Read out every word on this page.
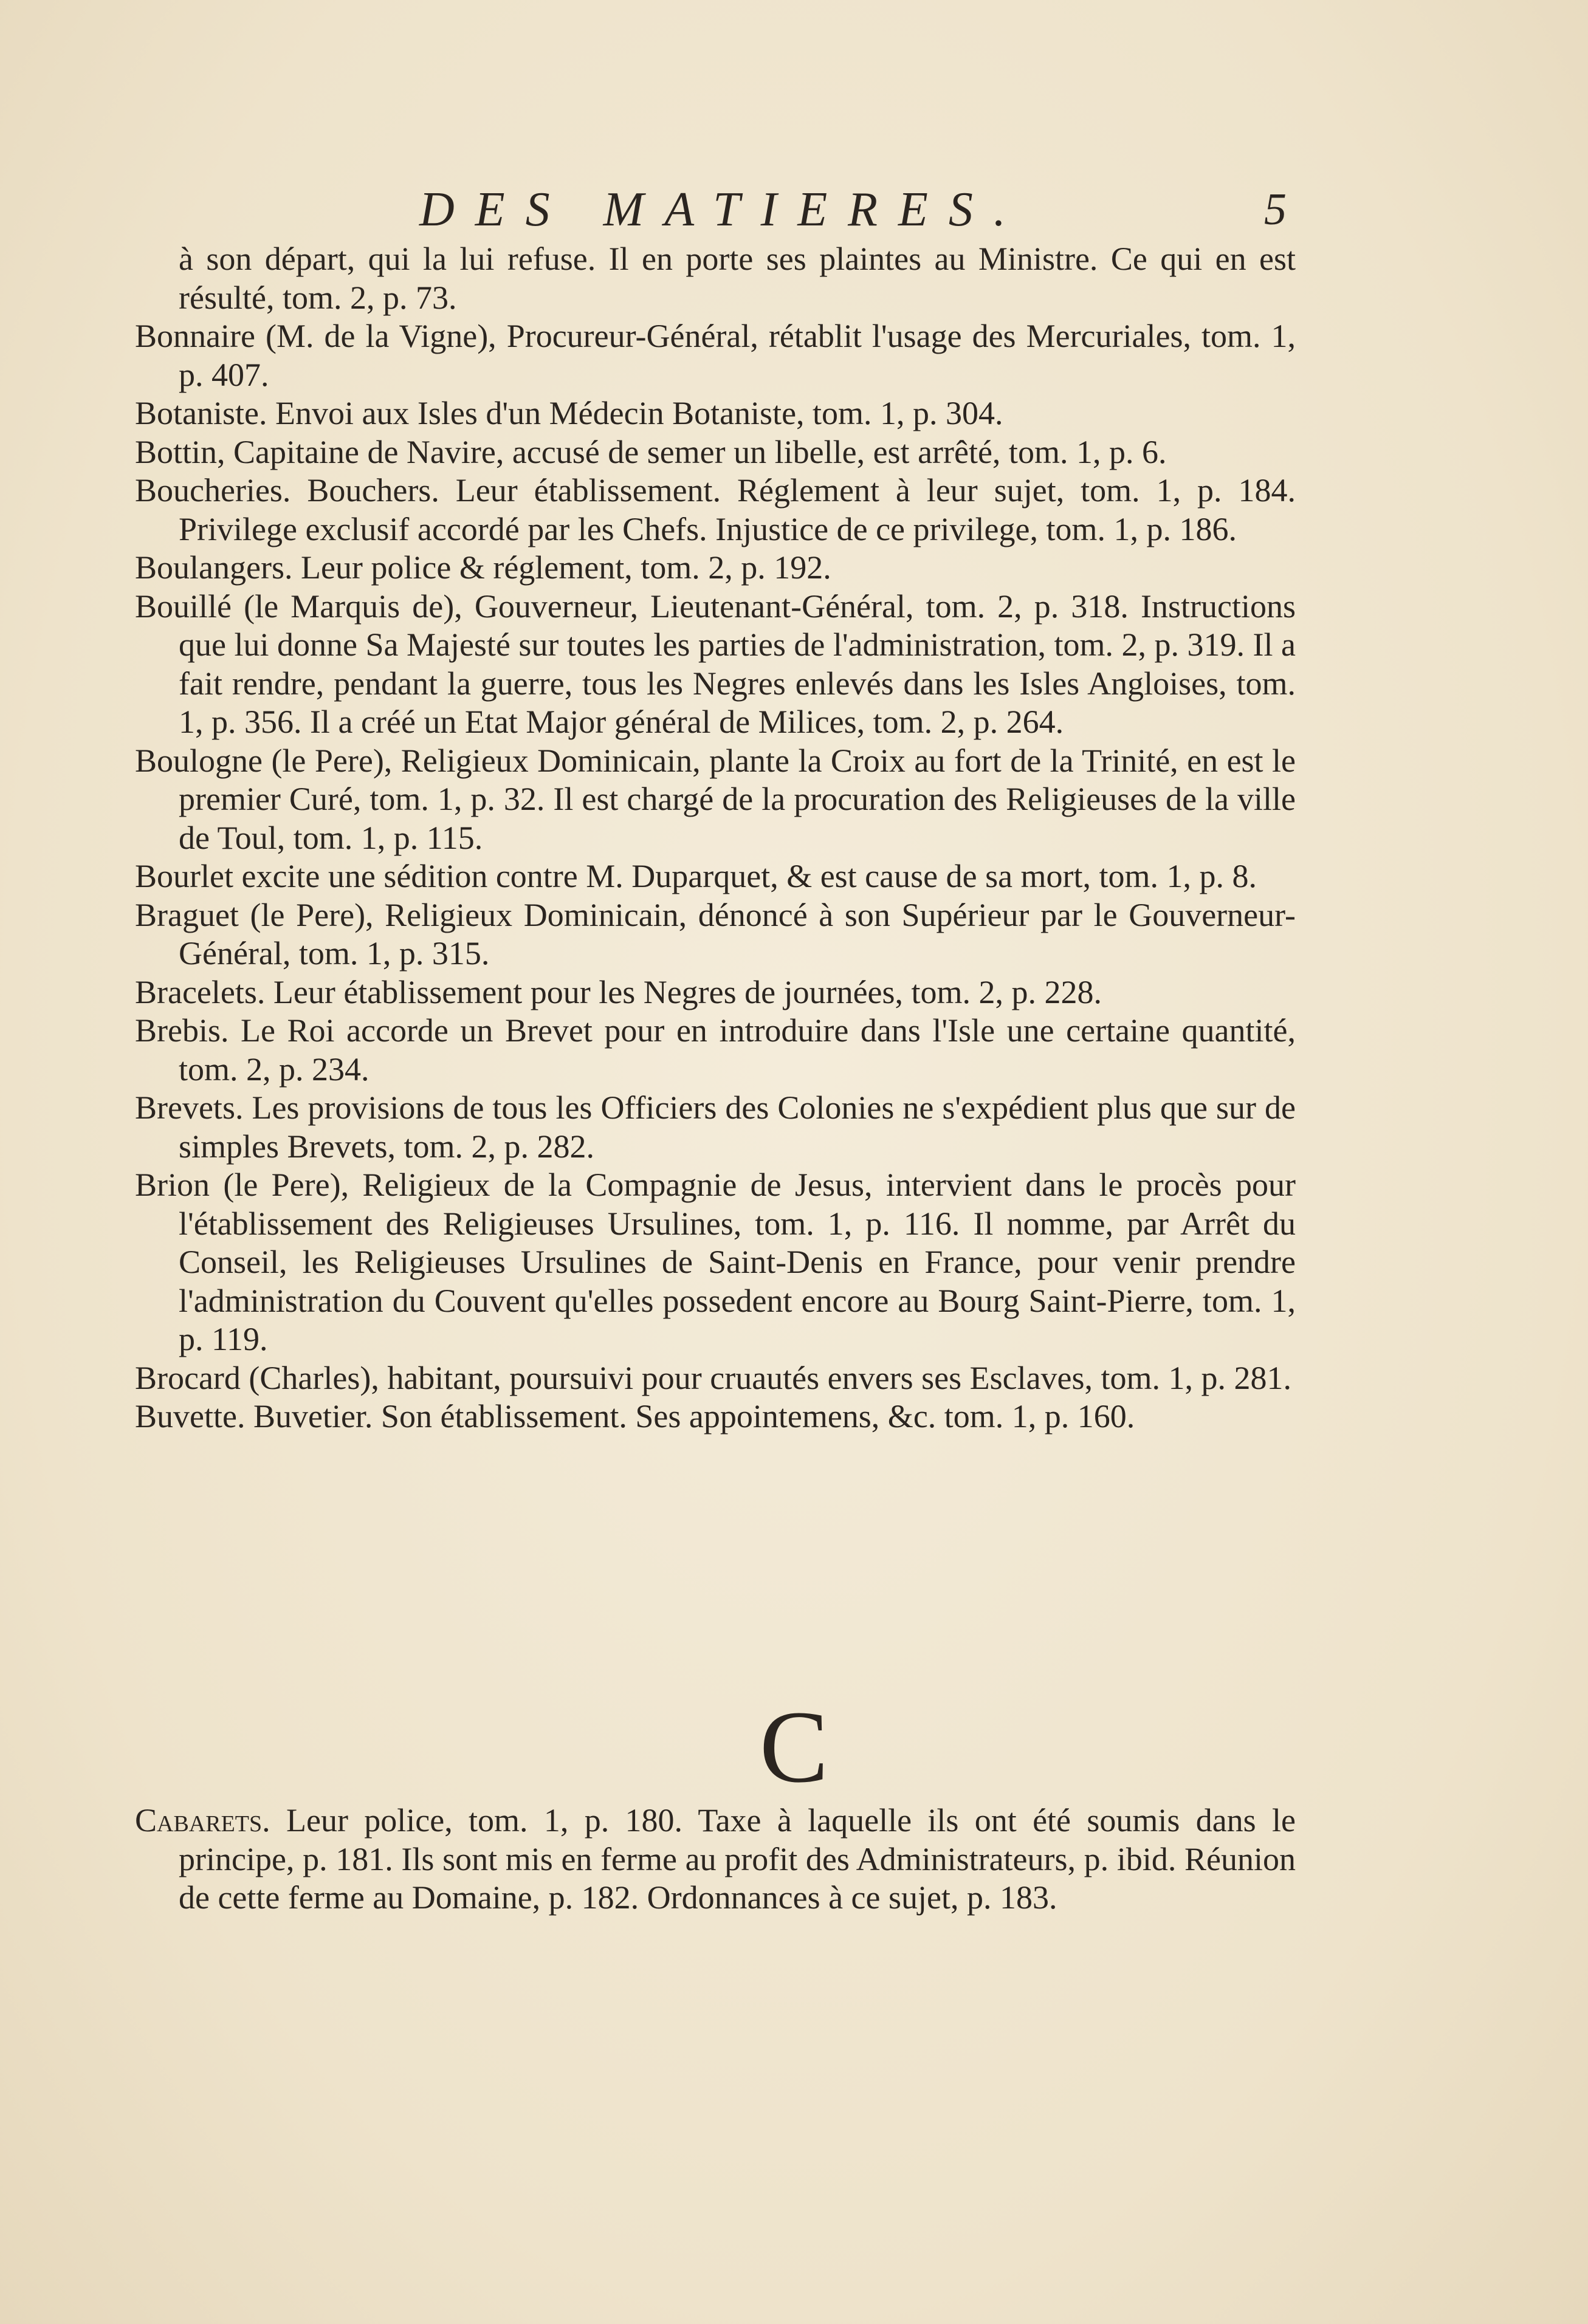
DES MATIERES.	5

à son départ, qui la lui refuse. Il en porte ses plaintes au Ministre. Ce qui en est résulté, tom. 2, p. 73.

Bonnaire (M. de la Vigne), Procureur-Général, rétablit l'usage des Mercuriales, tom. 1, p. 407.

Botaniste. Envoi aux Isles d'un Médecin Botaniste, tom. 1, p. 304.

Bottin, Capitaine de Navire, accusé de semer un libelle, est arrêté, tom. 1, p. 6.

Boucheries. Bouchers. Leur établissement. Réglement à leur sujet, tom. 1, p. 184. Privilege exclusif accordé par les Chefs. Injustice de ce privilege, tom. 1, p. 186.

Boulangers. Leur police & réglement, tom. 2, p. 192.

Bouillé (le Marquis de), Gouverneur, Lieutenant-Général, tom. 2, p. 318. Instructions que lui donne Sa Majesté sur toutes les parties de l'administration, tom. 2, p. 319. Il a fait rendre, pendant la guerre, tous les Negres enlevés dans les Isles Angloises, tom. 1, p. 356. Il a créé un Etat Major général de Milices, tom. 2, p. 264.

Boulogne (le Pere), Religieux Dominicain, plante la Croix au fort de la Trinité, en est le premier Curé, tom. 1, p. 32. Il est chargé de la procuration des Religieuses de la ville de Toul, tom. 1, p. 115.

Bourlet excite une sédition contre M. Duparquet, & est cause de sa mort, tom. 1, p. 8.

Braguet (le Pere), Religieux Dominicain, dénoncé à son Supérieur par le Gouverneur-Général, tom. 1, p. 315.

Bracelets. Leur établissement pour les Negres de journées, tom. 2, p. 228.

Brebis. Le Roi accorde un Brevet pour en introduire dans l'Isle une certaine quantité, tom. 2, p. 234.

Brevets. Les provisions de tous les Officiers des Colonies ne s'expédient plus que sur de simples Brevets, tom. 2, p. 282.

Brion (le Pere), Religieux de la Compagnie de Jesus, intervient dans le procès pour l'établissement des Religieuses Ursulines, tom. 1, p. 116. Il nomme, par Arrêt du Conseil, les Religieuses Ursulines de Saint-Denis en France, pour venir prendre l'administration du Couvent qu'elles possedent encore au Bourg Saint-Pierre, tom. 1, p. 119.

Brocard (Charles), habitant, poursuivi pour cruautés envers ses Esclaves, tom. 1, p. 281.

Buvette. Buvetier. Son établissement. Ses appointemens, &c. tom. 1, p. 160.

C

Cabarets. Leur police, tom. 1, p. 180. Taxe à laquelle ils ont été soumis dans le principe, p. 181. Ils sont mis en ferme au profit des Administrateurs, p. ibid. Réunion de cette ferme au Domaine, p. 182. Ordonnances à ce sujet, p. 183.
